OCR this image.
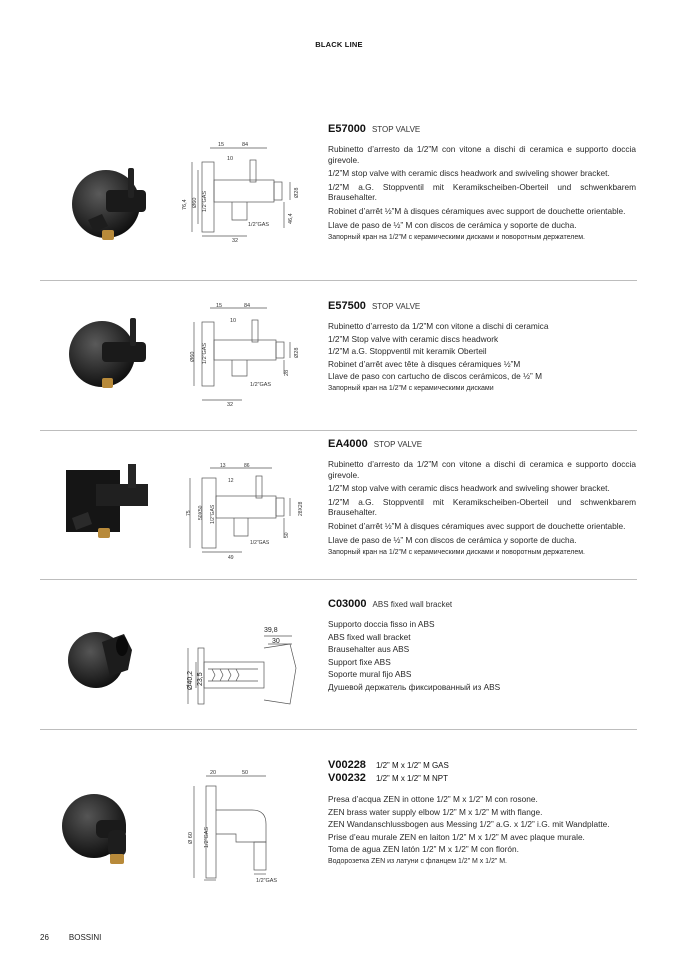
BLACK LINE
15	84
10
76,4 Ø60 1/2”GAS	Ø28
46,4
1/2”GAS
32
E57000 STOP VALVE
Rubinetto d’arresto da 1/2”M con vitone a dischi di ceramica e supporto doccia girevole.
1/2”M stop valve with ceramic discs headwork and swiveling shower bracket.
1/2”M a.G. Stoppventil mit Keramikscheiben-Oberteil und schwenkbarem Brausehalter.
Robinet d’arrêt ½”M à disques céramiques avec support de douchette orientable.
Llave de paso de ½” M con discos de cerámica y soporte de ducha.
Запорный кран на 1/2”M с керамическими дисками и поворотным держателем.
15	84
10
Ø60 1/2”GAS	Ø28
28
1/2”GAS
32
E57500 STOP VALVE
Rubinetto d’arresto da 1/2”M con vitone a dischi di ceramica
1/2”M Stop valve with ceramic discs headwork
1/2”M a.G. Stoppventil mit keramik Oberteil
Robinet d’arrêt avec tête à disques céramiques ½”M
Llave de paso con cartucho de discos cerámicos, de ½” M
Запорный кран на 1/2”M с керамическими дисками
13	86
12
75 50X50 1/2”GAS	28X28
50
1/2”GAS
49
EA4000 STOP VALVE
Rubinetto d’arresto da 1/2”M con vitone a dischi di ceramica e supporto doccia girevole.
1/2”M stop valve with ceramic discs headwork and swiveling shower bracket.
1/2”M a.G. Stoppventil mit Keramikscheiben-Oberteil und schwenkbarem Brausehalter.
Robinet d’arrêt ½”M à disques céramiques avec support de douchette orientable.
Llave de paso de ½” M con discos de cerámica y soporte de ducha.
Запорный кран на 1/2”M с керамическими дисками и поворотным держателем.
39,8
30
Ø40,2 23,5
C03000 ABS fixed wall bracket
Supporto doccia fisso in ABS
ABS fixed wall bracket
Brausehalter aus ABS
Support fixe ABS
Soporte mural fijo ABS
Душевой держатель фиксированный из ABS
20	50
Ø 60 1/2”GAS
1/2”GAS
V00228 1/2” M x 1/2” M GAS
V00232 1/2” M x 1/2” M NPT
Presa d’acqua ZEN in ottone 1/2” M x 1/2” M con rosone.
ZEN brass water supply elbow 1/2” M x 1/2” M with flange.
ZEN Wandanschlussbogen aus Messing 1/2” a.G. x 1/2” i.G. mit Wandplatte.
Prise d’eau murale ZEN en laiton 1/2” M x 1/2” M avec plaque murale.
Toma de agua ZEN latón 1/2” M x 1/2” M con florón.
Водорозетка ZEN из латуни с фланцем 1/2” M x 1/2” M.
26	BOSSINI
